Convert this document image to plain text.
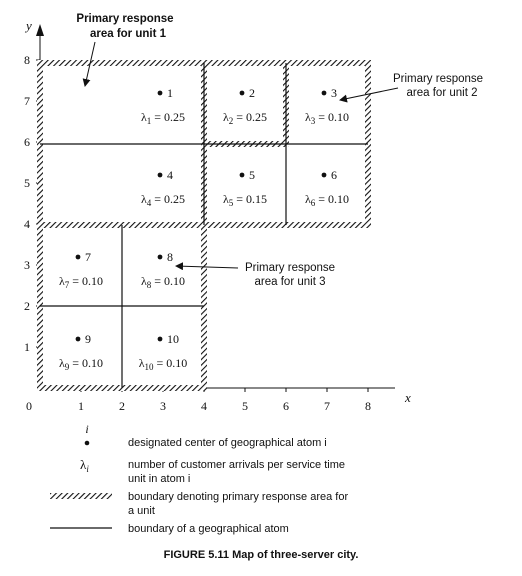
y
x
0	1	2	3	4	5	6	7	8
1
2
3
4
5
6
7
8
1
$\lambda_1 = 0.25$
2
$\lambda_2 = 0.25$
3
$\lambda_3 = 0.10$
4
$\lambda_4 = 0.25$
5
$\lambda_5 = 0.15$
6
$\lambda_6 = 0.10$
7
$\lambda_7 = 0.10$
8
$\lambda_8 = 0.10$
9
$\lambda_9 = 0.10$
10
$\lambda_{10} = 0.10$
Primary response
area for unit 1
Primary response
area for unit 2
Primary response
area for unit 3
i
designated center of geographical atom i
$\lambda_i$	number of customer arrivals per service time
unit in atom i
boundary denoting primary response area for
a unit
boundary of a geographical atom
FIGURE 5.11 Map of three-server city.
